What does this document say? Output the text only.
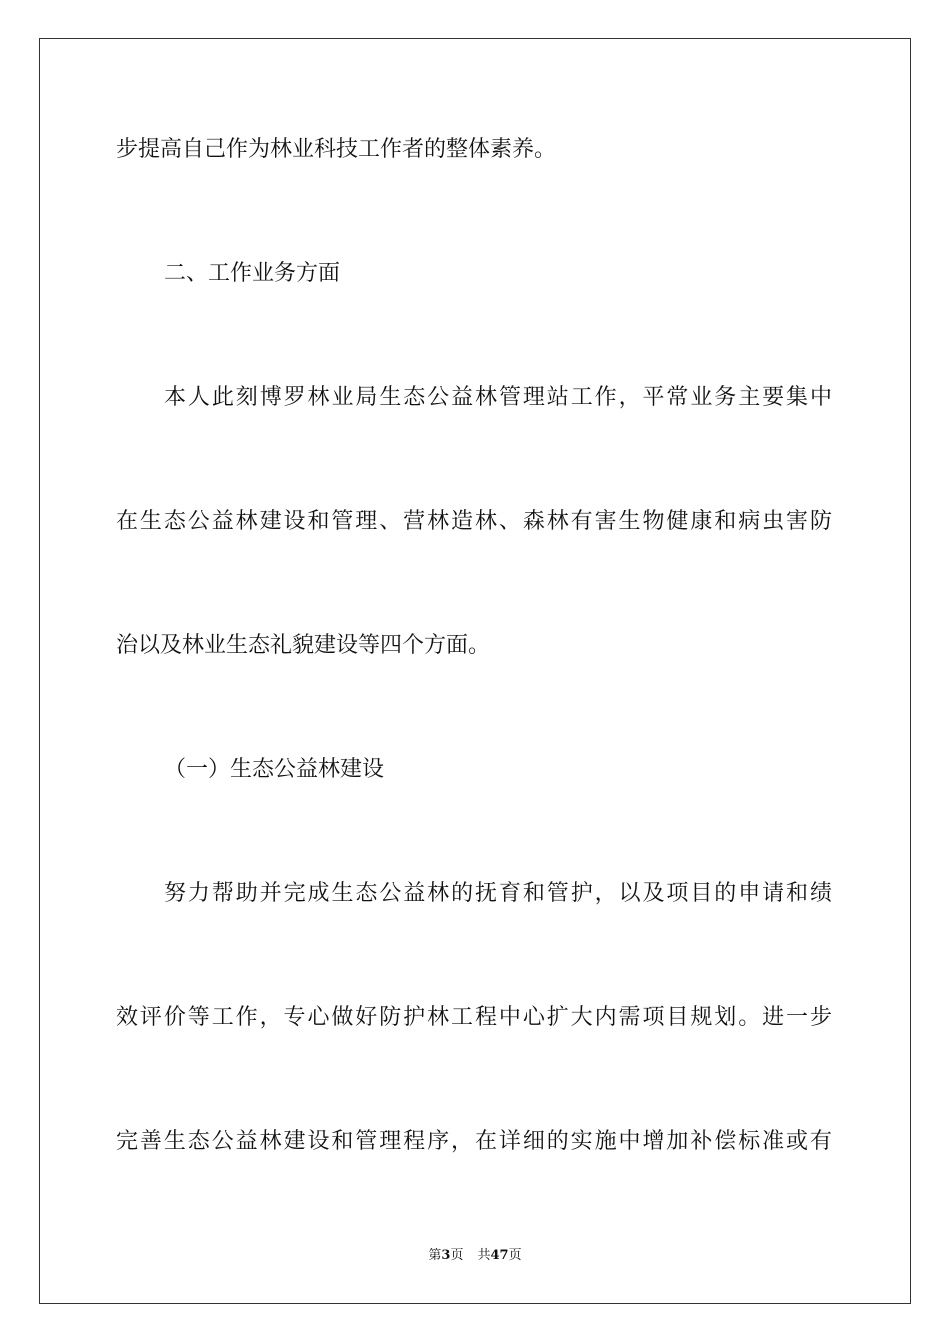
步提高自己作为林业科技工作者的整体素养。
二、工作业务方面
本人此刻博罗林业局生态公益林管理站工作，平常业务主要集中
在生态公益林建设和管理、营林造林、森林有害生物健康和病虫害防
治以及林业生态礼貌建设等四个方面。
（一）生态公益林建设
努力帮助并完成生态公益林的抚育和管护，以及项目的申请和绩
效评价等工作，专心做好防护林工程中心扩大内需项目规划。进一步
完善生态公益林建设和管理程序，在详细的实施中增加补偿标准或有
第3页 共47页
